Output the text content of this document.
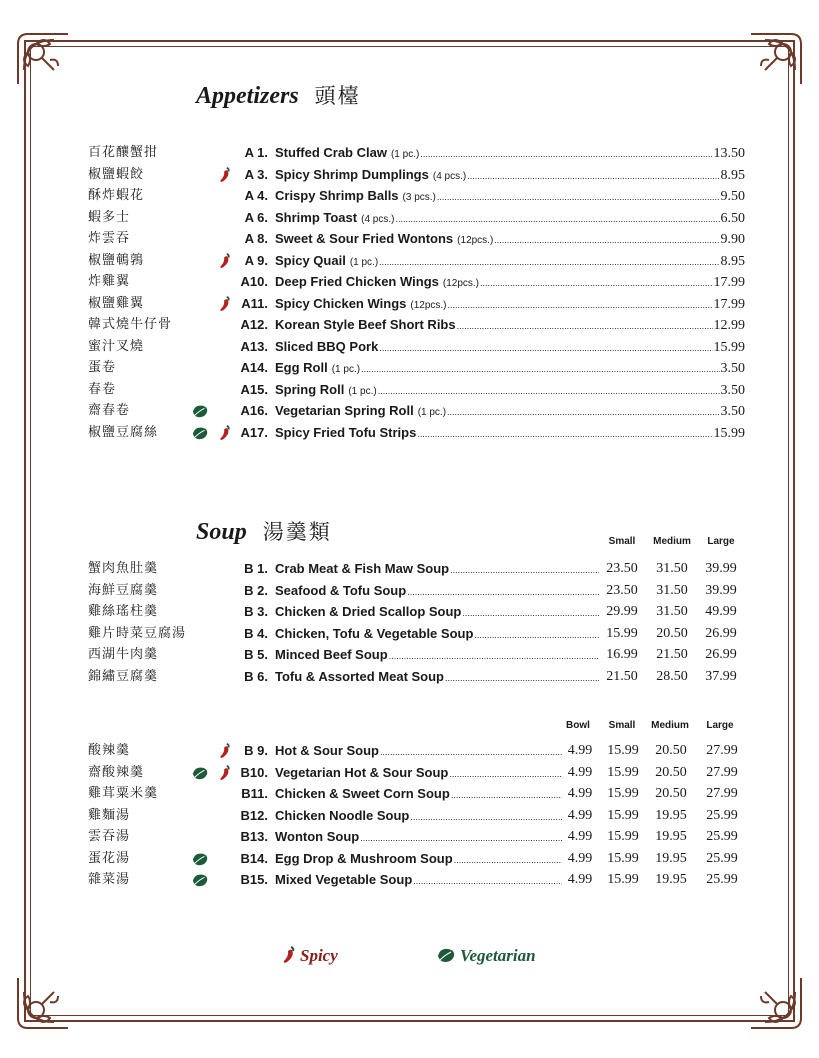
Appetizers 頭檯
百花釀蟹拑	A 1. Stuffed Crab Claw (1 pc.) .....	13.50
椒鹽蝦餃	A 3. Spicy Shrimp Dumplings (4 pcs.) .....	8.95
酥炸蝦花	A 4. Crispy Shrimp Balls (3 pcs.) .....	9.50
蝦多士	A 6. Shrimp Toast (4 pcs.) .....	6.50
炸雲吞	A 8. Sweet & Sour Fried Wontons (12pcs.) .....	9.90
椒鹽鵪鶉	A 9. Spicy Quail (1 pc.) .....	8.95
炸雞翼	A10. Deep Fried Chicken Wings (12pcs.) .....	17.99
椒鹽雞翼	A11. Spicy Chicken Wings (12pcs.) .....	17.99
韓式燒牛仔骨	A12. Korean Style Beef Short Ribs .....	12.99
蜜汁叉燒	A13. Sliced BBQ Pork .....	15.99
蛋卷	A14. Egg Roll (1 pc.) .....	3.50
春卷	A15. Spring Roll (1 pc.) .....	3.50
齋春卷	A16. Vegetarian Spring Roll (1 pc.) .....	3.50
椒鹽豆腐絲	A17. Spicy Fried Tofu Strips .....	15.99
Soup 湯羹類	Small	Medium	Large
蟹肉魚肚羹	B 1. Crab Meat & Fish Maw Soup .....	23.50	31.50	39.99
海鮮豆腐羹	B 2. Seafood & Tofu Soup .....	23.50	31.50	39.99
雞絲瑤柱羹	B 3. Chicken & Dried Scallop Soup .....	29.99	31.50	49.99
雞片時菜豆腐湯	B 4. Chicken, Tofu & Vegetable Soup .....	15.99	20.50	26.99
西湖牛肉羹	B 5. Minced Beef Soup .....	16.99	21.50	26.99
錦繡豆腐羹	B 6. Tofu & Assorted Meat Soup .....	21.50	28.50	37.99
Bowl	Small	Medium	Large
酸辣羹	B 9. Hot & Sour Soup .....	4.99	15.99	20.50	27.99
齋酸辣羹	B10. Vegetarian Hot & Sour Soup .....	4.99	15.99	20.50	27.99
雞茸粟米羹	B11. Chicken & Sweet Corn Soup .....	4.99	15.99	20.50	27.99
雞麵湯	B12. Chicken Noodle Soup .....	4.99	15.99	19.95	25.99
雲吞湯	B13. Wonton Soup .....	4.99	15.99	19.95	25.99
蛋花湯	B14. Egg Drop & Mushroom Soup .....	4.99	15.99	19.95	25.99
雜菜湯	B15. Mixed Vegetable Soup .....	4.99	15.99	19.95	25.99
Spicy	Vegetarian
